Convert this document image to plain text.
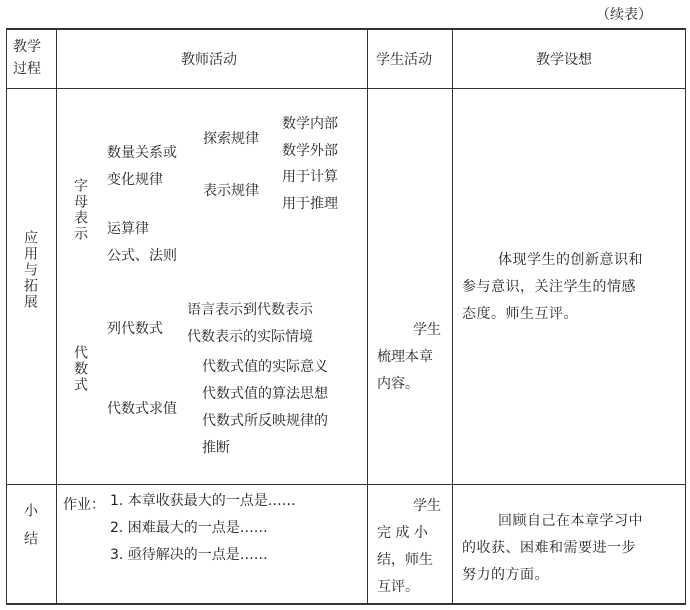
（续表）
教学
过程
教师活动	学生活动	教学设想
应用与拓展
字母表示
数量关系或
变化规律
探索规律
数学内部
数学外部
表示规律
用于计算
用于推理
运算律
公式、法则
代数式
列代数式
语言表示到代数表示
代数表示的实际情境
代数式求值
代数式值的实际意义
代数式值的算法思想
代数式所反映规律的
推断
学生
梳理本章
内容。
体现学生的创新意识和
参与意识，关注学生的情感
态度。师生互评。
小结 作业： 1. 本章收获最大的一点是……
2. 困难最大的一点是……
3. 亟待解决的一点是……
学生
完 成 小
结，师生
互评。
回顾自己在本章学习中
的收获、困难和需要进一步
努力的方面。
